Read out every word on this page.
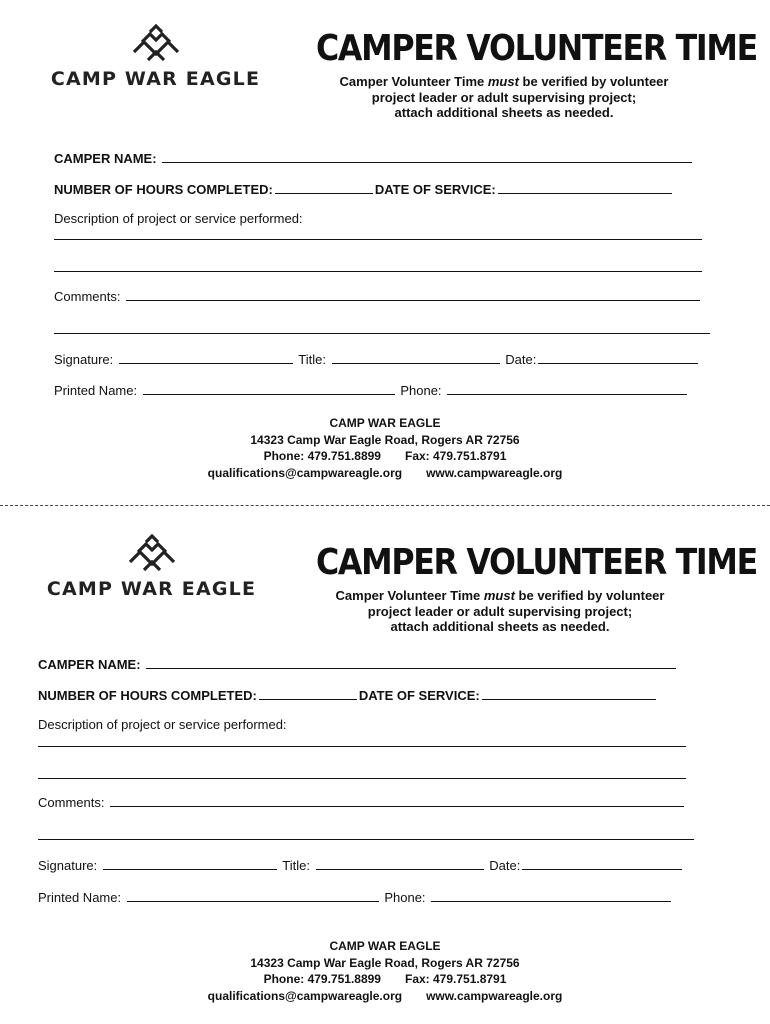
CAMP WAR EAGLE
CAMPER VOLUNTEER TIME
Camper Volunteer Time must be verified by volunteer
project leader or adult supervising project;
attach additional sheets as needed.
CAMPER NAME:
NUMBER OF HOURS COMPLETED:	DATE OF SERVICE:
Description of project or service performed:
Comments:
Signature:	Title:	Date:
Printed Name:	Phone:
CAMP WAR EAGLE
14323 Camp War Eagle Road, Rogers AR 72756
Phone: 479.751.8899 Fax: 479.751.8791
qualifications@campwareagle.org www.campwareagle.org
CAMP WAR EAGLE
CAMPER VOLUNTEER TIME
Camper Volunteer Time must be verified by volunteer
project leader or adult supervising project;
attach additional sheets as needed.
CAMPER NAME:
NUMBER OF HOURS COMPLETED:	DATE OF SERVICE:
Description of project or service performed:
Comments:
Signature:	Title:	Date:
Printed Name:	Phone:
CAMP WAR EAGLE
14323 Camp War Eagle Road, Rogers AR 72756
Phone: 479.751.8899 Fax: 479.751.8791
qualifications@campwareagle.org www.campwareagle.org
